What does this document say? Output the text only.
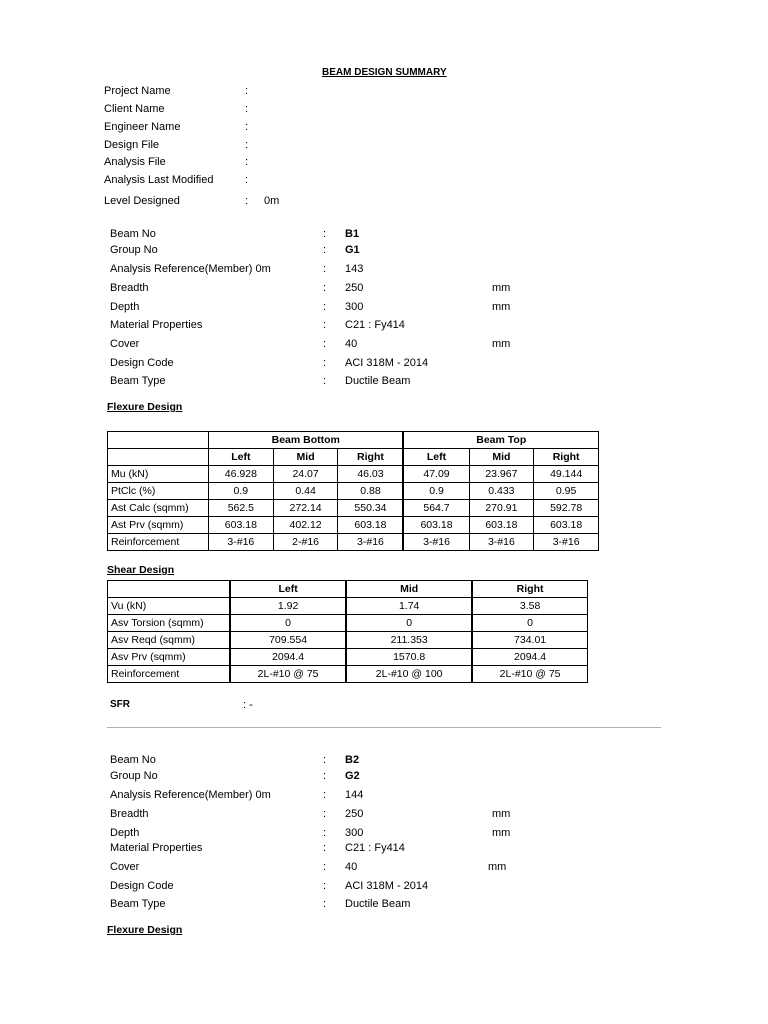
BEAM DESIGN SUMMARY
Project Name	:
Client Name	:
Engineer Name	:
Design File	:
Analysis File	:
Analysis Last Modified	:
Level Designed	: 0m
Beam No	: B1
Group No	: G1
Analysis Reference(Member) 0m	: 143
Breadth	: 250	mm
Depth	: 300	mm
Material Properties	: C21 : Fy414
Cover	: 40	mm
Design Code	: ACI 318M - 2014
Beam Type	: Ductile Beam
Flexure Design
	Beam Bottom			Beam Top		
	Left	Mid	Right	Left	Mid	Right
Mu (kN)	46.928	24.07	46.03	47.09	23.967	49.144
PtClc (%)	0.9	0.44	0.88	0.9	0.433	0.95
Ast Calc (sqmm)	562.5	272.14	550.34	564.7	270.91	592.78
Ast Prv (sqmm)	603.18	402.12	603.18	603.18	603.18	603.18
Reinforcement	3-#16	2-#16	3-#16	3-#16	3-#16	3-#16
Shear Design
	Left	Mid	Right
Vu (kN)	1.92	1.74	3.58
Asv Torsion (sqmm)	0	0	0
Asv Reqd (sqmm)	709.554	211.353	734.01
Asv Prv (sqmm)	2094.4	1570.8	2094.4
Reinforcement	2L-#10 @ 75	2L-#10 @ 100	2L-#10 @ 75
SFR	: -
Beam No	: B2
Group No	: G2
Analysis Reference(Member) 0m	: 144
Breadth	: 250	mm
Depth	: 300	mm
Material Properties	: C21 : Fy414
Cover	: 40	mm
Design Code	: ACI 318M - 2014
Beam Type	: Ductile Beam
Flexure Design
